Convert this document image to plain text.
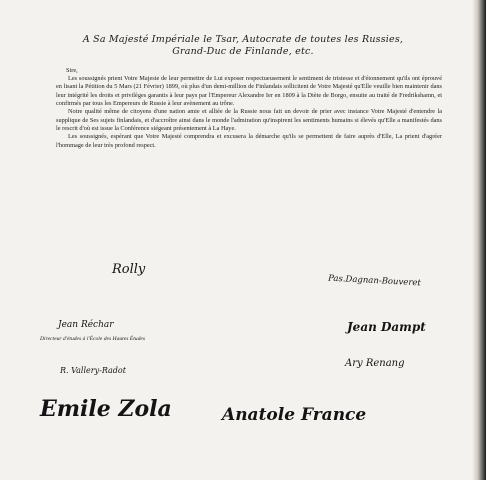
A Sa Majesté Impériale le Tsar, Autocrate de toutes les Russies,
Grand-Duc de Finlande, etc.
Sire,

Les soussignés prient Votre Majeste de leur permettre de Lui exposer respectueusement le sentiment de tristesse et d'étonnement qu'ils ont éprouvé en lisant la Pétition du 5 Mars (21 Février) 1899, où plus d'un demi-million de Finlandais sollicitent de Votre Majesté qu'Elle veuille bien maintenir dans leur intégrité les droits et privilèges garantis à leur pays par l'Empereur Alexandre Ier en 1809 à la Diète de Borgo, ensuite au traité de Fredrikshamn, et confirmés par tous les Empereurs de Russie à leur avènement au trône.

Notre qualité même de citoyens d'une nation amie et alliée de la Russie nous fait un devoir de prier avec instance Votre Majesté d'entendre la supplique de Ses sujets finlandais, et d'accroître ainsi dans le monde l'admiration qu'inspirent les sentiments humains si élevés qu'Elle a manifestés dans le rescrit d'où est issue la Conférence siégeant présentement à La Haye.

Les soussignés, espérant que Votre Majesté comprendra et excusera la démarche qu'ils se permettent de faire auprès d'Elle, La prient d'agréer l'hommage de leur très profond respect.

Rolly
Pas.Dagnan-Bouveret
Jean Réchar
Directeur d'études à l'École des Hautes Études
Jean Dampt
R. Vallery-Radot
Ary Renang
Emile Zola	Anatole France
